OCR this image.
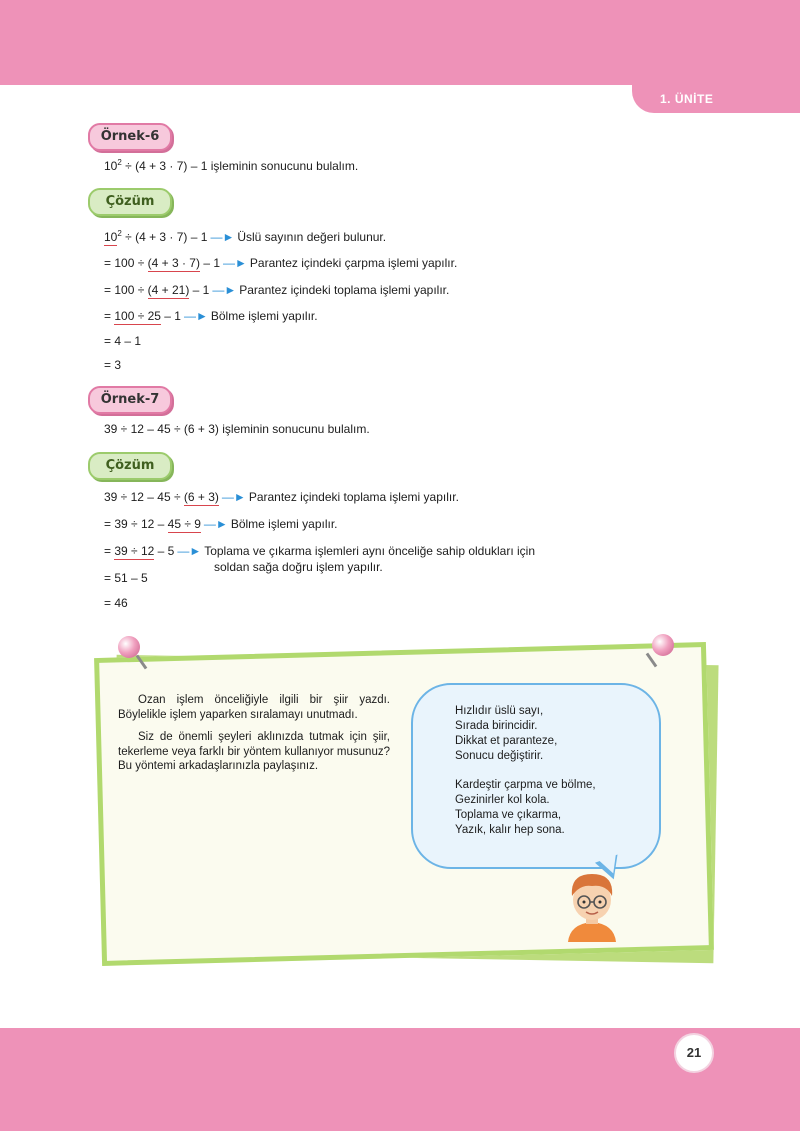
1. ÜNİTE
Örnek-6
$10^2 \div (4 + 3 \cdot 7) - 1$ işleminin sonucunu bulalım.
Çözüm
$10^2 \div (4 + 3 \cdot 7) - 1$ —► Üslü sayının değeri bulunur.
= 100 ÷ (4 + 3 · 7) – 1 —► Parantez içindeki çarpma işlemi yapılır.
= 100 ÷ (4 + 21) – 1 —► Parantez içindeki toplama işlemi yapılır.
= 100 ÷ 25 – 1 —► Bölme işlemi yapılır.
= 4 – 1
= 3
Örnek-7
39 ÷ 12 – 45 ÷ (6 + 3) işleminin sonucunu bulalım.
Çözüm
39 ÷ 12 – 45 ÷ (6 + 3) —► Parantez içindeki toplama işlemi yapılır.
= 39 ÷ 12 – 45 ÷ 9 —► Bölme işlemi yapılır.
= 39 ÷ 12 – 5 —► Toplama ve çıkarma işlemleri aynı önceliğe sahip oldukları için
soldan sağa doğru işlem yapılır.
= 51 – 5
= 46

Ozan işlem önceliğiyle ilgili bir şiir yazdı. Böylelikle işlem yaparken sıralamayı unutmadı.

Siz de önemli şeyleri aklınızda tutmak için şiir, tekerleme veya farklı bir yöntem kullanıyor musunuz? Bu yöntemi arkadaşlarınızla paylaşınız.

Hızlıdır üslü sayı,
Sırada birincidir.
Dikkat et paranteze,
Sonucu değiştirir.
Kardeştir çarpma ve bölme,
Gezinirler kol kola.
Toplama ve çıkarma,
Yazık, kalır hep sona.
21
